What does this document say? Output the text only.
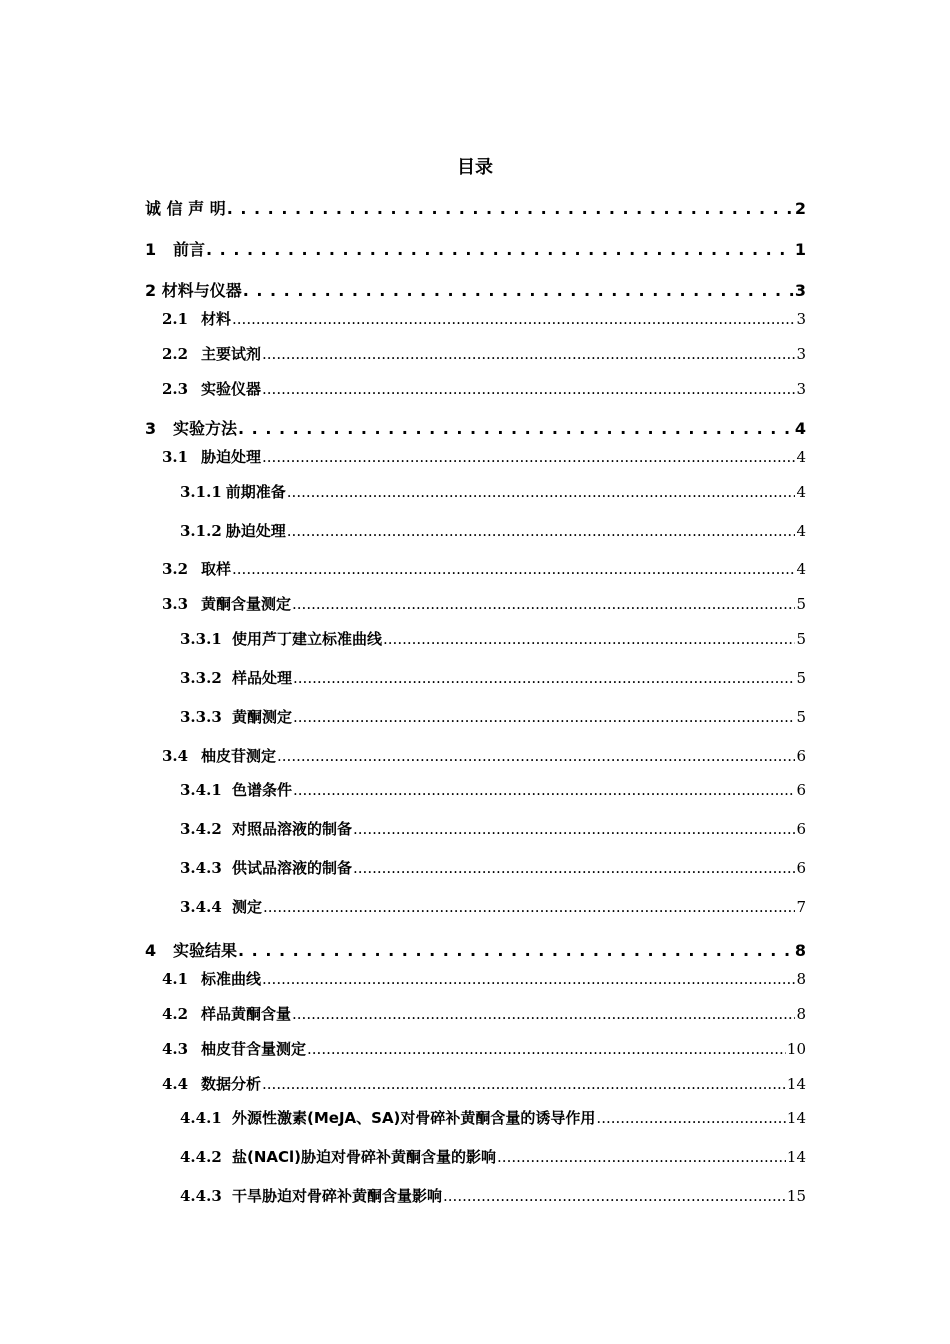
目录
诚 信 声 明 . . .	2
1 前言 . . .	1
2 材料与仪器 . . .	3
2.1 材料 .....	3
2.2 主要试剂 .....	3
2.3 实验仪器 .....	3
3 实验方法 . . .	4
3.1 胁迫处理 .....	4
3.1.1 前期准备 .....	4
3.1.2 胁迫处理 .....	4
3.2 取样 .....	4
3.3 黄酮含量测定 .....	5
3.3.1 使用芦丁建立标准曲线 .....	5
3.3.2 样品处理 .....	5
3.3.3 黄酮测定 .....	5
3.4 柚皮苷测定 .....	6
3.4.1 色谱条件 .....	6
3.4.2 对照品溶液的制备 .....	6
3.4.3 供试品溶液的制备 .....	6
3.4.4 测定 .....	7
4 实验结果 . . .	8
4.1 标准曲线 .....	8
4.2 样品黄酮含量 .....	8
4.3 柚皮苷含量测定 .....	10
4.4 数据分析 .....	14
4.4.1 外源性激素(MeJA、SA)对骨碎补黄酮含量的诱导作用 .....	14
4.4.2 盐(NACl)胁迫对骨碎补黄酮含量的影响 .....	14
4.4.3 干旱胁迫对骨碎补黄酮含量影响 .....	15
